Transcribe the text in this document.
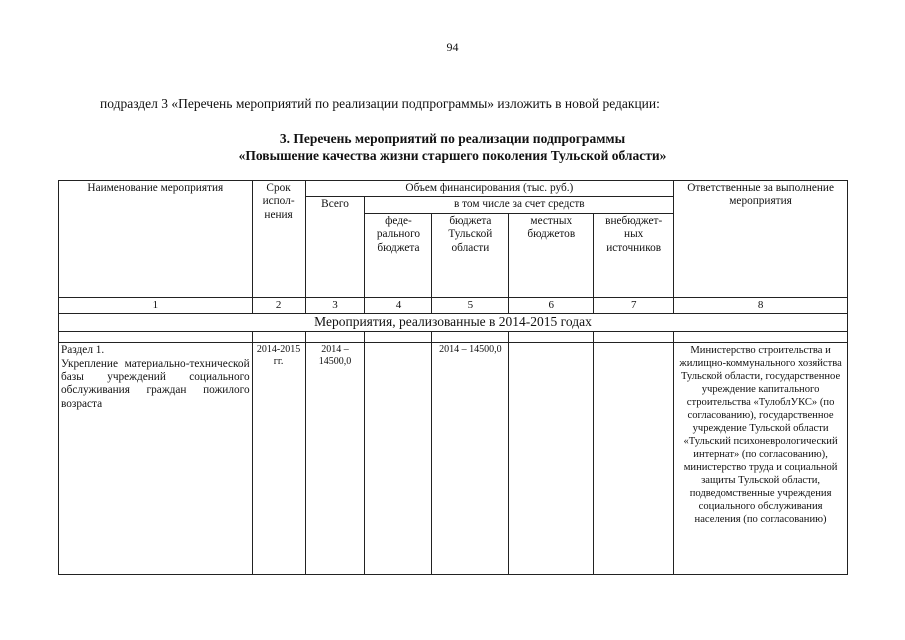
94
подраздел 3 «Перечень мероприятий по реализации подпрограммы» изложить в новой редакции:
3. Перечень мероприятий по реализации подпрограммы
«Повышение качества жизни старшего поколения Тульской области»
Наименование мероприятия	Срок испол-нения	Объем финансирования (тыс. руб.)					Ответственные за выполнение мероприятия
		Всего	в том числе за счет средств				
			феде-рального бюджета	бюджета Тульской области	местных бюджетов	внебюджет-ных источников	
1	2	3	4	5	6	7	8
Мероприятия, реализованные в 2014-2015 годах							

Раздел 1.
Укрепление материально-технической базы учреждений социального обслуживания граждан пожилого возраста	2014-2015 гг.	2014 – 14500,0		2014 – 14500,0			Министерство строительства и жилищно-коммунального хозяйства Тульской области, государственное учреждение капитального строительства «ТулоблУКС» (по согласованию), государственное учреждение Тульской области «Тульский психоневрологический интернат» (по согласованию), министерство труда и социальной защиты Тульской области, подведомственные учреждения социального обслуживания населения (по согласованию)
